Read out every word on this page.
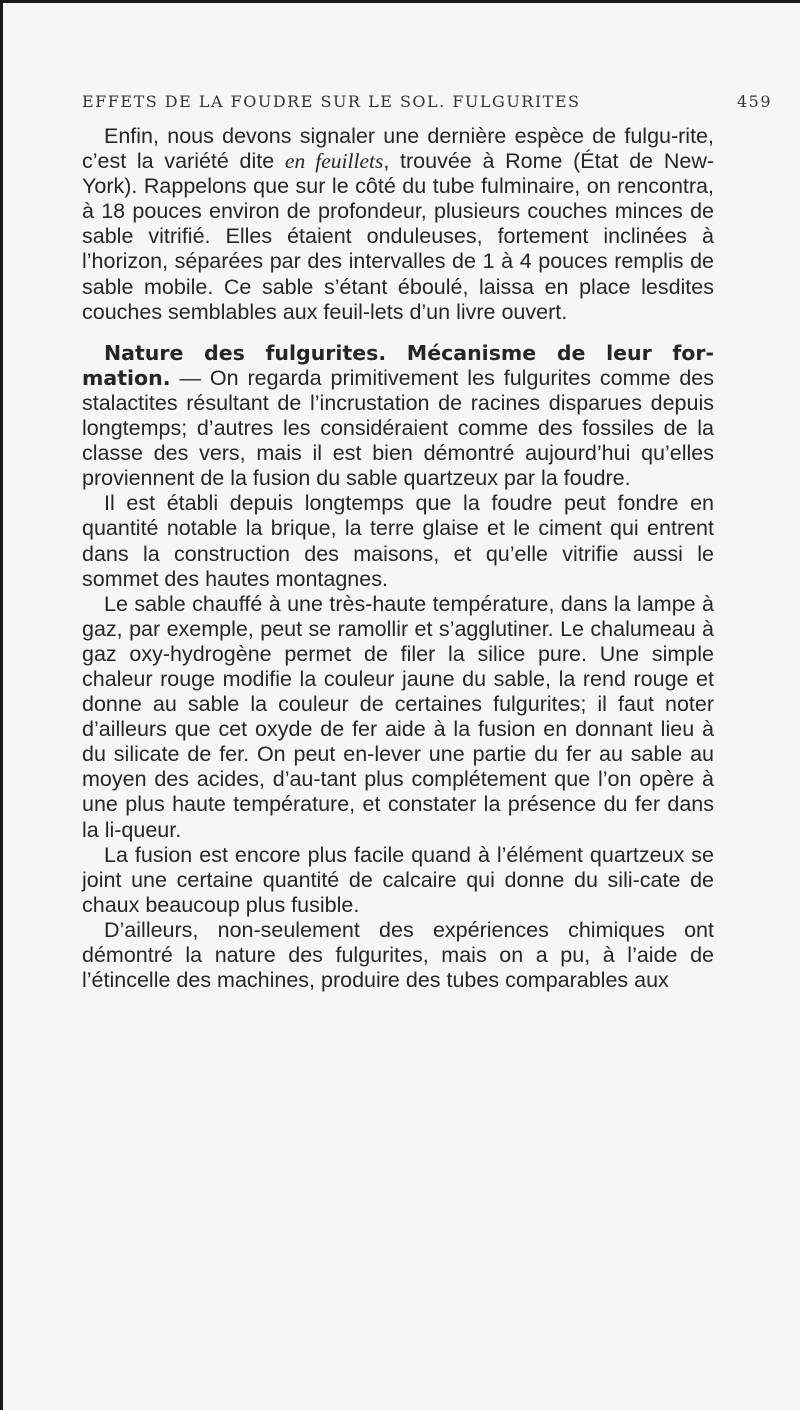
EFFETS DE LA FOUDRE SUR LE SOL. FULGURITES	459

Enfin, nous devons signaler une dernière espèce de fulgu-rite, c’est la variété dite en feuillets, trouvée à Rome (État de New-York). Rappelons que sur le côté du tube fulminaire, on rencontra, à 18 pouces environ de profondeur, plusieurs couches minces de sable vitrifié. Elles étaient onduleuses, fortement inclinées à l’horizon, séparées par des intervalles de 1 à 4 pouces remplis de sable mobile. Ce sable s’étant éboulé, laissa en place lesdites couches semblables aux feuil-lets d’un livre ouvert.

Nature des fulgurites. Mécanisme de leur for-mation. — On regarda primitivement les fulgurites comme des stalactites résultant de l’incrustation de racines disparues depuis longtemps; d’autres les considéraient comme des fossiles de la classe des vers, mais il est bien démontré aujourd’hui qu’elles proviennent de la fusion du sable quartzeux par la foudre.

Il est établi depuis longtemps que la foudre peut fondre en quantité notable la brique, la terre glaise et le ciment qui entrent dans la construction des maisons, et qu’elle vitrifie aussi le sommet des hautes montagnes.

Le sable chauffé à une très-haute température, dans la lampe à gaz, par exemple, peut se ramollir et s’agglutiner. Le chalumeau à gaz oxy-hydrogène permet de filer la silice pure. Une simple chaleur rouge modifie la couleur jaune du sable, la rend rouge et donne au sable la couleur de certaines fulgurites; il faut noter d’ailleurs que cet oxyde de fer aide à la fusion en donnant lieu à du silicate de fer. On peut en-lever une partie du fer au sable au moyen des acides, d’au-tant plus complétement que l’on opère à une plus haute température, et constater la présence du fer dans la li-queur.

La fusion est encore plus facile quand à l’élément quartzeux se joint une certaine quantité de calcaire qui donne du sili-cate de chaux beaucoup plus fusible.

D’ailleurs, non-seulement des expériences chimiques ont démontré la nature des fulgurites, mais on a pu, à l’aide de l’étincelle des machines, produire des tubes comparables aux
